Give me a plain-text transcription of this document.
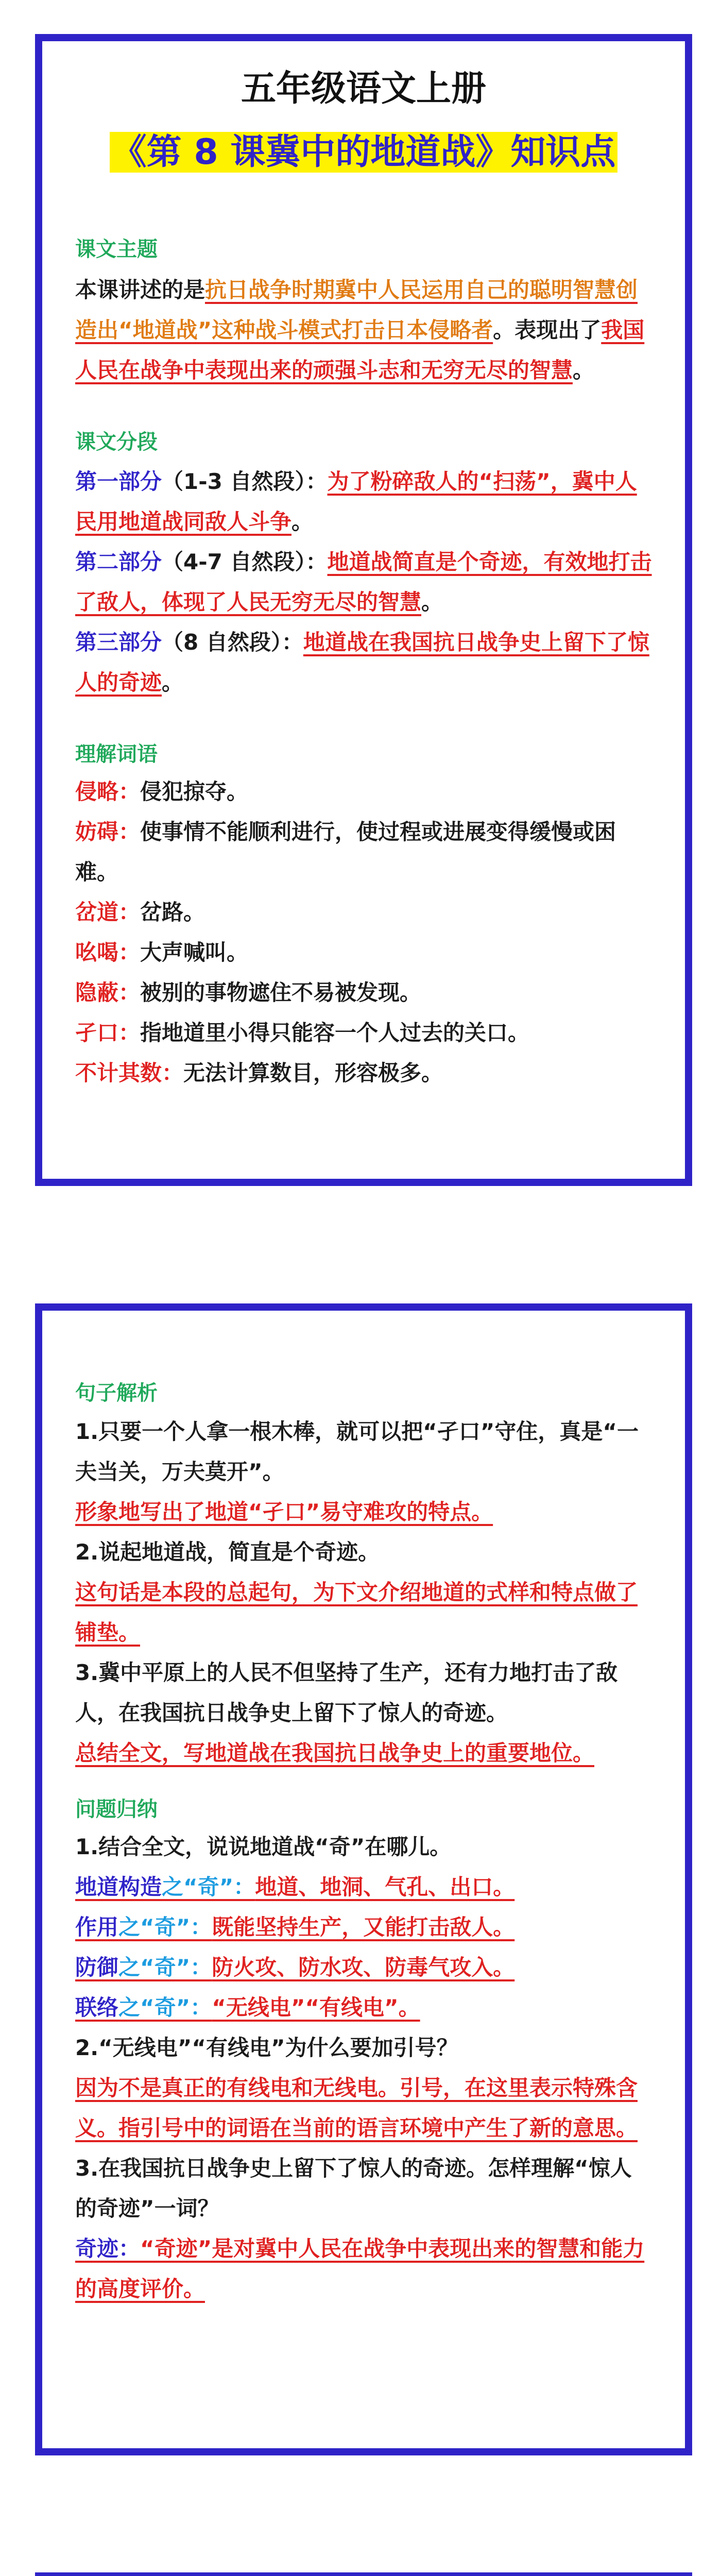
五年级语文上册
《第 8 课冀中的地道战》知识点
课文主题
本课讲述的是抗日战争时期冀中人民运用自己的聪明智慧创造出“地道战”这种战斗模式打击日本侵略者。表现出了我国人民在战争中表现出来的顽强斗志和无穷无尽的智慧。
课文分段
第一部分（1-3 自然段）：为了粉碎敌人的“扫荡”，冀中人民用地道战同敌人斗争。
第二部分（4-7 自然段）：地道战简直是个奇迹，有效地打击了敌人，体现了人民无穷无尽的智慧。
第三部分（8 自然段）：地道战在我国抗日战争史上留下了惊人的奇迹。
理解词语
侵略：侵犯掠夺。
妨碍：使事情不能顺利进行，使过程或进展变得缓慢或困难。
岔道：岔路。
吆喝：大声喊叫。
隐蔽：被别的事物遮住不易被发现。
孑口：指地道里小得只能容一个人过去的关口。
不计其数：无法计算数目，形容极多。
句子解析
1.只要一个人拿一根木棒，就可以把“孑口”守住，真是“一夫当关，万夫莫开”。
形象地写出了地道“孑口”易守难攻的特点。
2.说起地道战，简直是个奇迹。
这句话是本段的总起句，为下文介绍地道的式样和特点做了铺垫。
3.冀中平原上的人民不但坚持了生产，还有力地打击了敌人，在我国抗日战争史上留下了惊人的奇迹。
总结全文，写地道战在我国抗日战争史上的重要地位。
问题归纳
1.结合全文，说说地道战“奇”在哪儿。
地道构造之“奇”：地道、地洞、气孔、出口。
作用之“奇”：既能坚持生产，又能打击敌人。
防御之“奇”：防火攻、防水攻、防毒气攻入。
联络之“奇”：“无线电”“有线电”。
2.“无线电”“有线电”为什么要加引号？
因为不是真正的有线电和无线电。引号，在这里表示特殊含义。指引号中的词语在当前的语言环境中产生了新的意思。
3.在我国抗日战争史上留下了惊人的奇迹。怎样理解“惊人的奇迹”一词？
奇迹：“奇迹”是对冀中人民在战争中表现出来的智慧和能力的高度评价。
